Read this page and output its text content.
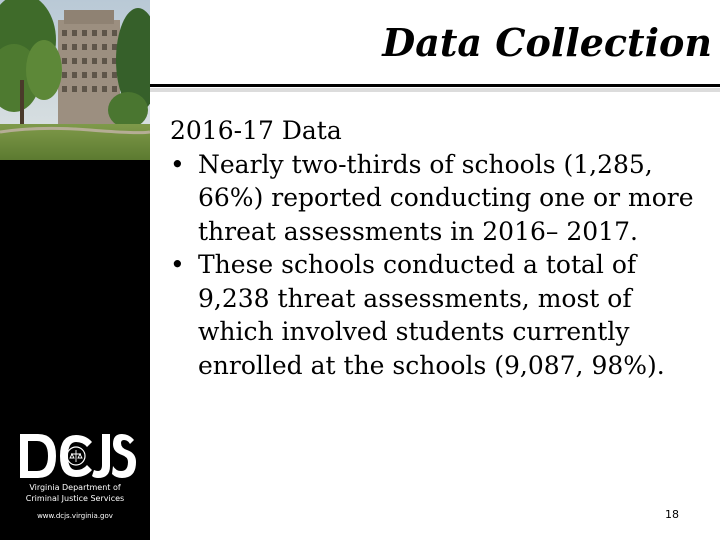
Virginia Department of
Criminal Justice Services
www.dcjs.virginia.gov
Data Collection
2016-17 Data
• Nearly two-thirds of schools (1,285, 66%) reported conducting one or more threat assessments in 2016– 2017.
• These schools conducted a total of 9,238 threat assessments, most of which involved students currently enrolled at the schools (9,087, 98%).
18
